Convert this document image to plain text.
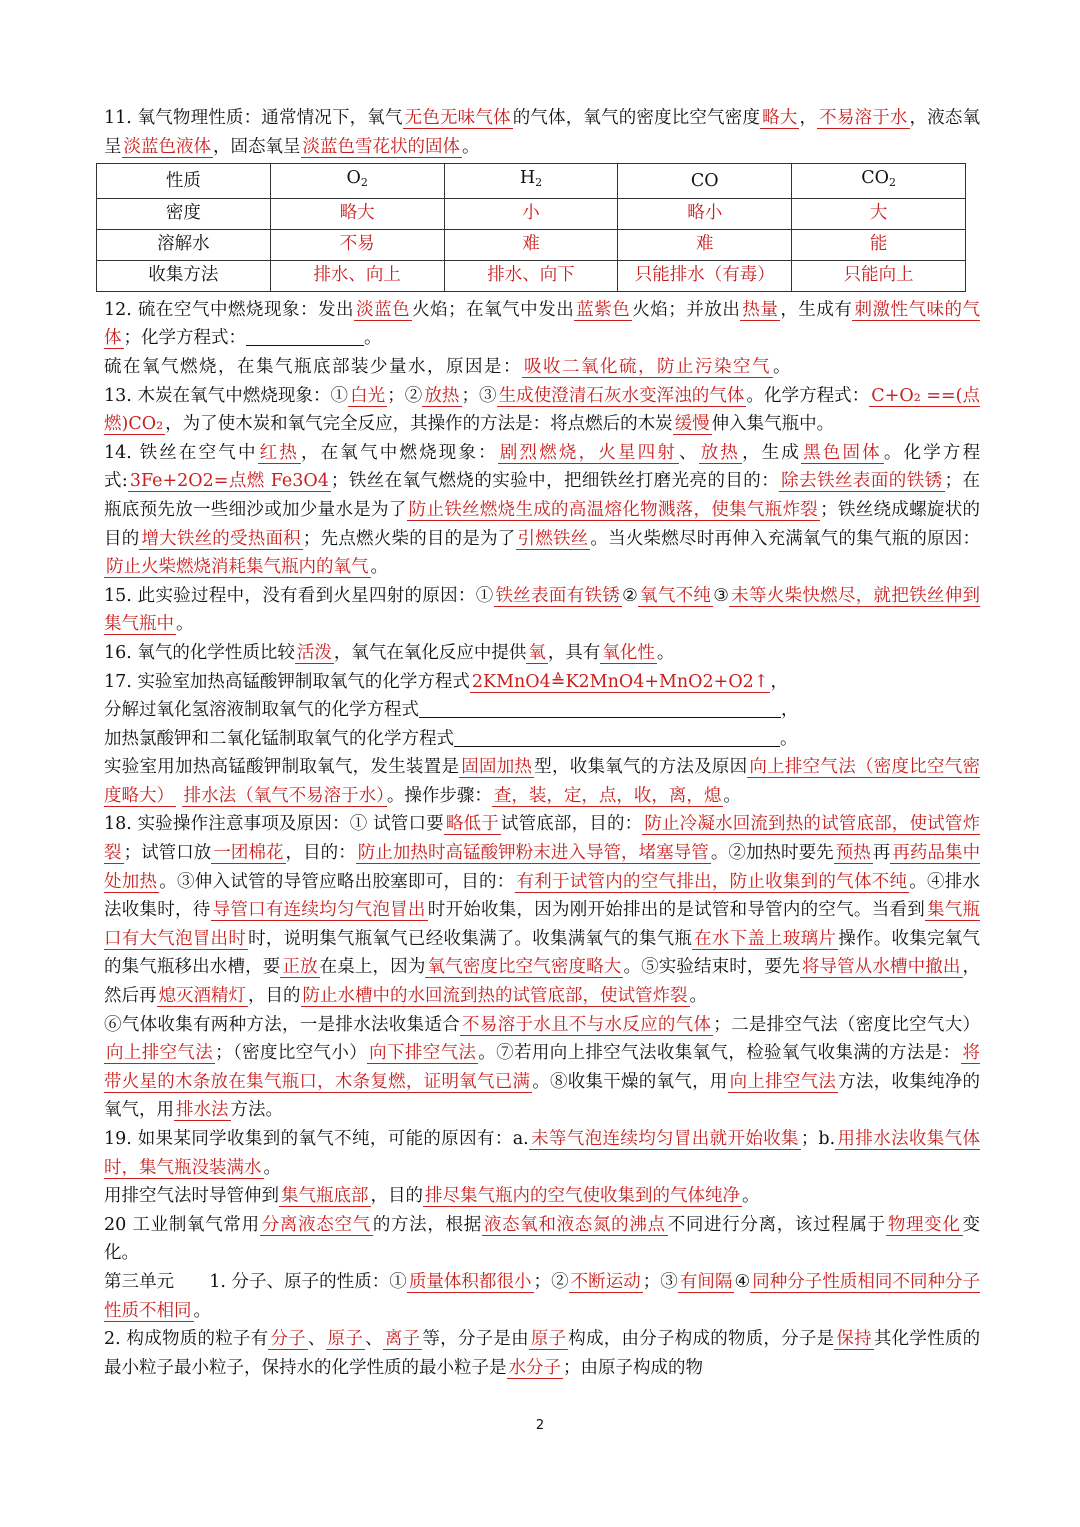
11. 氧气物理性质：通常情况下，氧气 无色无味气体 的气体，氧气的密度比空气密度 略大 ， 不易溶于水 ，液态氧呈 淡蓝色液体 ，固态氧呈 淡蓝色雪花状的固体 。

性质	$O_2$	$H_2$	CO	$CO_2$
密度	略大	小	略小	大
溶解水	不易	难	难	能
收集方法	排水、向上	排水、向下	只能排水（有毒）	只能向上

12. 硫在空气中燃烧现象：发出 淡蓝色 火焰；在氧气中发出 蓝紫色 火焰；并放出 热量 ，生成有 刺激性气味的气体 ；化学方程式：	。

硫在氧气燃烧，在集气瓶底部装少量水，原因是： 吸收二氧化硫，防止污染空气 。

13. 木炭在氧气中燃烧现象：① 白光 ；② 放热 ；③ 生成使澄清石灰水变浑浊的气体 。化学方程式： C+O₂ ==(点燃)CO₂ ，为了使木炭和氧气完全反应，其操作的方法是：将点燃后的木炭 缓慢 伸入集气瓶中。

14. 铁丝在空气中 红热 ，在氧气中燃烧现象： 剧烈燃烧，火星四射 、 放热 ，生成 黑色固体 。化学方程式: 3Fe+2O2=点燃 Fe3O4 ；铁丝在氧气燃烧的实验中，把细铁丝打磨光亮的目的： 除去铁丝表面的铁锈 ；在瓶底预先放一些细沙或加少量水是为了 防止铁丝燃烧生成的高温熔化物溅落，使集气瓶炸裂 ；铁丝绕成螺旋状的目的 增大铁丝的受热面积 ；先点燃火柴的目的是为了 引燃铁丝 。当火柴燃尽时再伸入充满氧气的集气瓶的原因：防止火柴燃烧消耗集气瓶内的氧气 。

15. 此实验过程中，没有看到火星四射的原因：① 铁丝表面有铁锈 ② 氧气不纯 ③ 未等火柴快燃尽，就把铁丝伸到集气瓶中 。

16. 氧气的化学性质比较 活泼 ，氧气在氧化反应中提供 氧 ，具有 氧化性 。

17. 实验室加热高锰酸钾制取氧气的化学方程式 2KMnO4≜K2MnO4+MnO2+O2↑ ，

分解过氧化氢溶液制取氧气的化学方程式	，

加热氯酸钾和二氧化锰制取氧气的化学方程式	。

实验室用加热高锰酸钾制取氧气，发生装置是 固固加热 型，收集氧气的方法及原因 向上排空气法（密度比空气密度略大） 排水法（氧气不易溶于水） 。操作步骤： 查，装，定，点，收，离，熄 。

18. 实验操作注意事项及原因：① 试管口要 略低于 试管底部，目的： 防止冷凝水回流到热的试管底部，使试管炸裂 ；试管口放 一团棉花 ，目的： 防止加热时高锰酸钾粉末进入导管，堵塞导管 。②加热时要先 预热 再 再药品集中处加热 。③伸入试管的导管应略出胶塞即可，目的： 有利于试管内的空气排出，防止收集到的气体不纯 。④排水法收集时，待 导管口有连续均匀气泡冒出 时开始收集，因为刚开始排出的是试管和导管内的空气。当看到 集气瓶口有大气泡冒出时 时，说明集气瓶氧气已经收集满了。收集满氧气的集气瓶 在水下盖上玻璃片 操作。收集完氧气的集气瓶移出水槽，要 正放 在桌上，因为 氧气密度比空气密度略大 。⑤实验结束时，要先 将导管从水槽中撤出 ，然后再 熄灭酒精灯 ，目的 防止水槽中的水回流到热的试管底部，使试管炸裂 。

⑥气体收集有两种方法，一是排水法收集适合 不易溶于水且不与水反应的气体 ；二是排空气法（密度比空气大）向上排空气法 ；（密度比空气小） 向下排空气法 。⑦若用向上排空气法收集氧气，检验氧气收集满的方法是： 将带火星的木条放在集气瓶口，木条复燃，证明氧气已满 。⑧收集干燥的氧气，用 向上排空气法 方法，收集纯净的氧气，用 排水法 方法。

19. 如果某同学收集到的氧气不纯，可能的原因有：a. 未等气泡连续均匀冒出就开始收集 ；b. 用排水法收集气体时，集气瓶没装满水 。

用排空气法时导管伸到 集气瓶底部 ，目的 排尽集气瓶内的空气使收集到的气体纯净 。

20 工业制氧气常用 分离液态空气 的方法，根据 液态氧和液态氮的沸点 不同进行分离，该过程属于 物理变化 变化。

第三单元　　1. 分子、原子的性质：① 质量体积都很小 ；② 不断运动 ；③ 有间隔 ④ 同种分子性质相同不同种分子性质不相同 。

2. 构成物质的粒子有 分子 、 原子 、 离子 等，分子是由 原子 构成，由分子构成的物质，分子是 保持 其化学性质的最小粒子最小粒子，保持水的化学性质的最小粒子是 水分子 ；由原子构成的物

2
